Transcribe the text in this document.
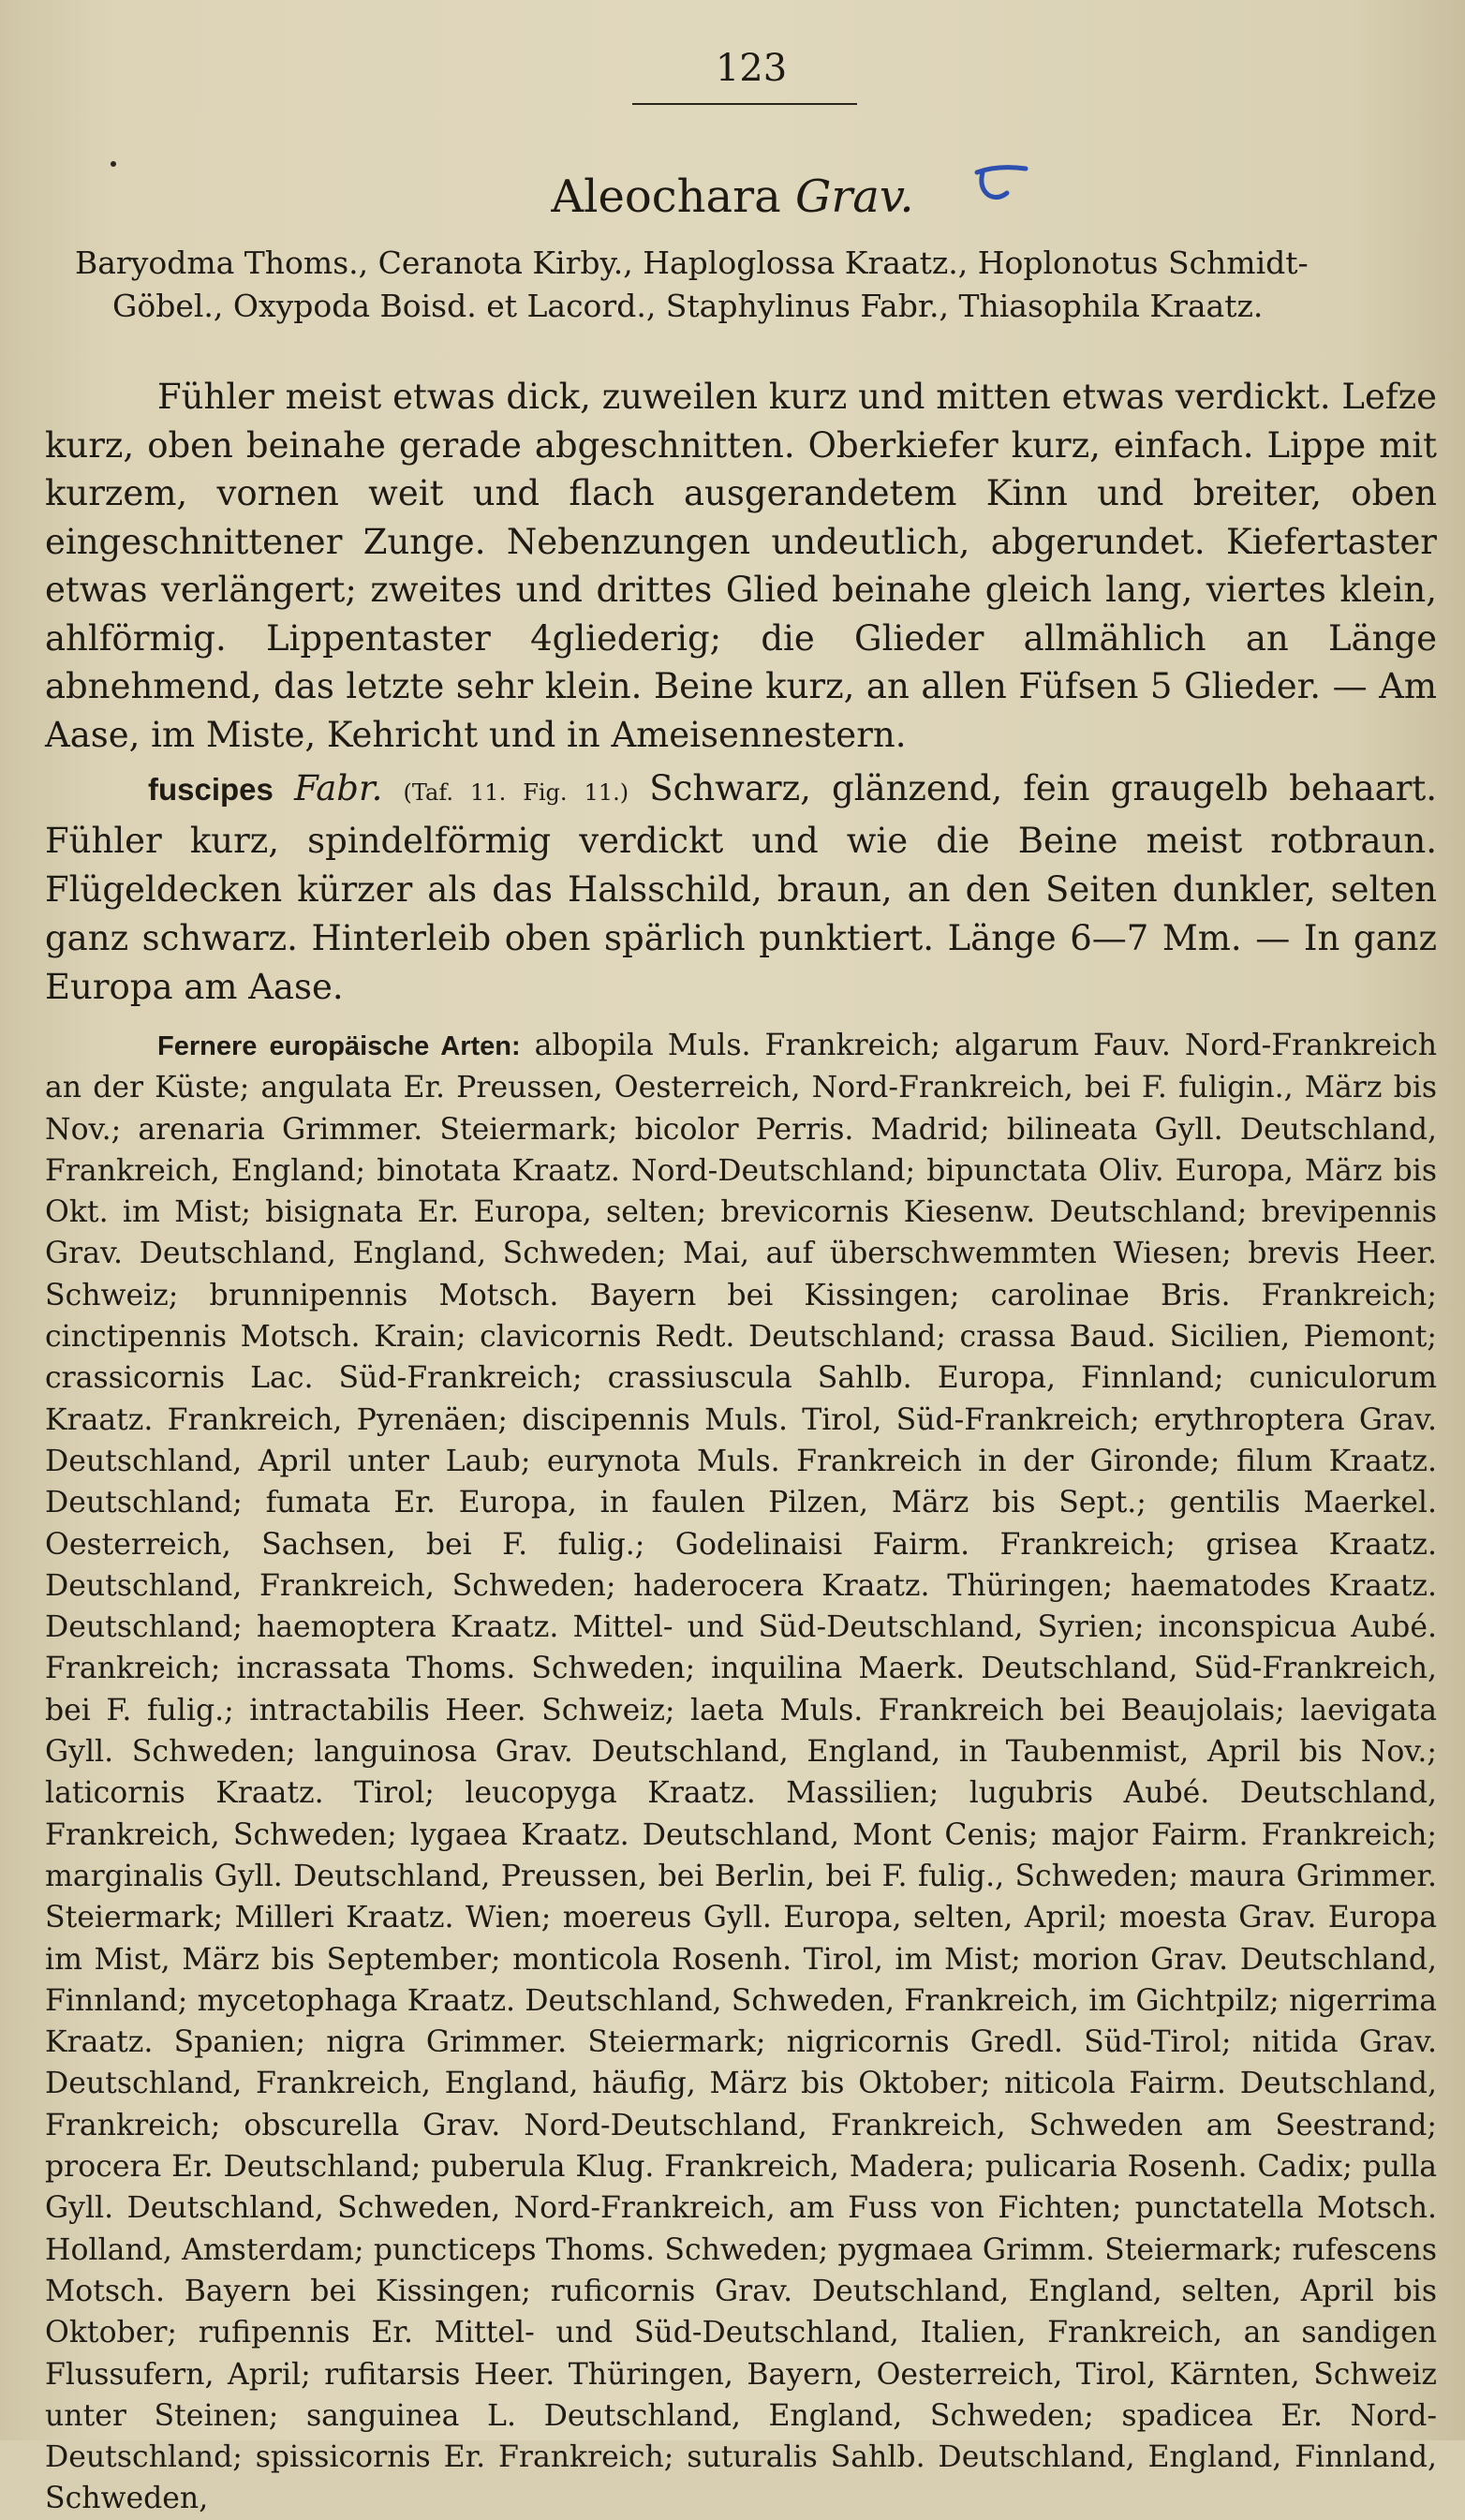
123
Aleochara Grav.
Baryodma Thoms., Ceranota Kirby., Haploglossa Kraatz., Hoplonotus Schmidt-
Göbel., Oxypoda Boisd. et Lacord., Staphylinus Fabr., Thiasophila Kraatz.
Fühler meist etwas dick, zuweilen kurz und mitten etwas verdickt. Lefze kurz, oben beinahe gerade abgeschnitten. Oberkiefer kurz, einfach. Lippe mit kurzem, vornen weit und flach ausgerandetem Kinn und breiter, oben eingeschnittener Zunge. Nebenzungen undeutlich, abgerundet. Kiefertaster etwas verlängert; zweites und drittes Glied beinahe gleich lang, viertes klein, ahlförmig. Lippentaster 4gliederig; die Glieder allmählich an Länge abnehmend, das letzte sehr klein. Beine kurz, an allen Füfsen 5 Glieder. — Am Aase, im Miste, Kehricht und in Ameisennestern.
fuscipes Fabr. (Taf. 11. Fig. 11.) Schwarz, glänzend, fein graugelb behaart. Fühler kurz, spindelförmig verdickt und wie die Beine meist rotbraun. Flügeldecken kürzer als das Halsschild, braun, an den Seiten dunkler, selten ganz schwarz. Hinterleib oben spärlich punktiert. Länge 6—7 Mm. — In ganz Europa am Aase.
Fernere europäische Arten: albopila Muls. Frankreich; algarum Fauv. Nord-Frankreich an der Küste; angulata Er. Preussen, Oesterreich, Nord-Frankreich, bei F. fuligin., März bis Nov.; arenaria Grimmer. Steiermark; bicolor Perris. Madrid; bilineata Gyll. Deutschland, Frankreich, England; binotata Kraatz. Nord-Deutschland; bipunctata Oliv. Europa, März bis Okt. im Mist; bisignata Er. Europa, selten; brevicornis Kiesenw. Deutschland; brevipennis Grav. Deutschland, England, Schweden; Mai, auf überschwemmten Wiesen; brevis Heer. Schweiz; brunnipennis Motsch. Bayern bei Kissingen; carolinae Bris. Frankreich; cinctipennis Motsch. Krain; clavicornis Redt. Deutschland; crassa Baud. Sicilien, Piemont; crassicornis Lac. Süd-Frankreich; crassiuscula Sahlb. Europa, Finnland; cuniculorum Kraatz. Frankreich, Pyrenäen; discipennis Muls. Tirol, Süd-Frankreich; erythroptera Grav. Deutschland, April unter Laub; eurynota Muls. Frankreich in der Gironde; filum Kraatz. Deutschland; fumata Er. Europa, in faulen Pilzen, März bis Sept.; gentilis Maerkel. Oesterreich, Sachsen, bei F. fulig.; Godelinaisi Fairm. Frankreich; grisea Kraatz. Deutschland, Frankreich, Schweden; haderocera Kraatz. Thüringen; haematodes Kraatz. Deutschland; haemoptera Kraatz. Mittel- und Süd-Deutschland, Syrien; inconspicua Aubé. Frankreich; incrassata Thoms. Schweden; inquilina Maerk. Deutschland, Süd-Frankreich, bei F. fulig.; intractabilis Heer. Schweiz; laeta Muls. Frankreich bei Beaujolais; laevigata Gyll. Schweden; languinosa Grav. Deutschland, England, in Taubenmist, April bis Nov.; laticornis Kraatz. Tirol; leucopyga Kraatz. Massilien; lugubris Aubé. Deutschland, Frankreich, Schweden; lygaea Kraatz. Deutschland, Mont Cenis; major Fairm. Frankreich; marginalis Gyll. Deutschland, Preussen, bei Berlin, bei F. fulig., Schweden; maura Grimmer. Steiermark; Milleri Kraatz. Wien; moereus Gyll. Europa, selten, April; moesta Grav. Europa im Mist, März bis September; monticola Rosenh. Tirol, im Mist; morion Grav. Deutschland, Finnland; mycetophaga Kraatz. Deutschland, Schweden, Frankreich, im Gichtpilz; nigerrima Kraatz. Spanien; nigra Grimmer. Steiermark; nigricornis Gredl. Süd-Tirol; nitida Grav. Deutschland, Frankreich, England, häufig, März bis Oktober; niticola Fairm. Deutschland, Frankreich; obscurella Grav. Nord-Deutschland, Frankreich, Schweden am Seestrand; procera Er. Deutschland; puberula Klug. Frankreich, Madera; pulicaria Rosenh. Cadix; pulla Gyll. Deutschland, Schweden, Nord-Frankreich, am Fuss von Fichten; punctatella Motsch. Holland, Amsterdam; puncticeps Thoms. Schweden; pygmaea Grimm. Steiermark; rufescens Motsch. Bayern bei Kissingen; ruficornis Grav. Deutschland, England, selten, April bis Oktober; rufipennis Er. Mittel- und Süd-Deutschland, Italien, Frankreich, an sandigen Flussufern, April; rufitarsis Heer. Thüringen, Bayern, Oesterreich, Tirol, Kärnten, Schweiz unter Steinen; sanguinea L. Deutschland, England, Schweden; spadicea Er. Nord-Deutschland; spissicornis Er. Frankreich; suturalis Sahlb. Deutschland, England, Finnland, Schweden,
